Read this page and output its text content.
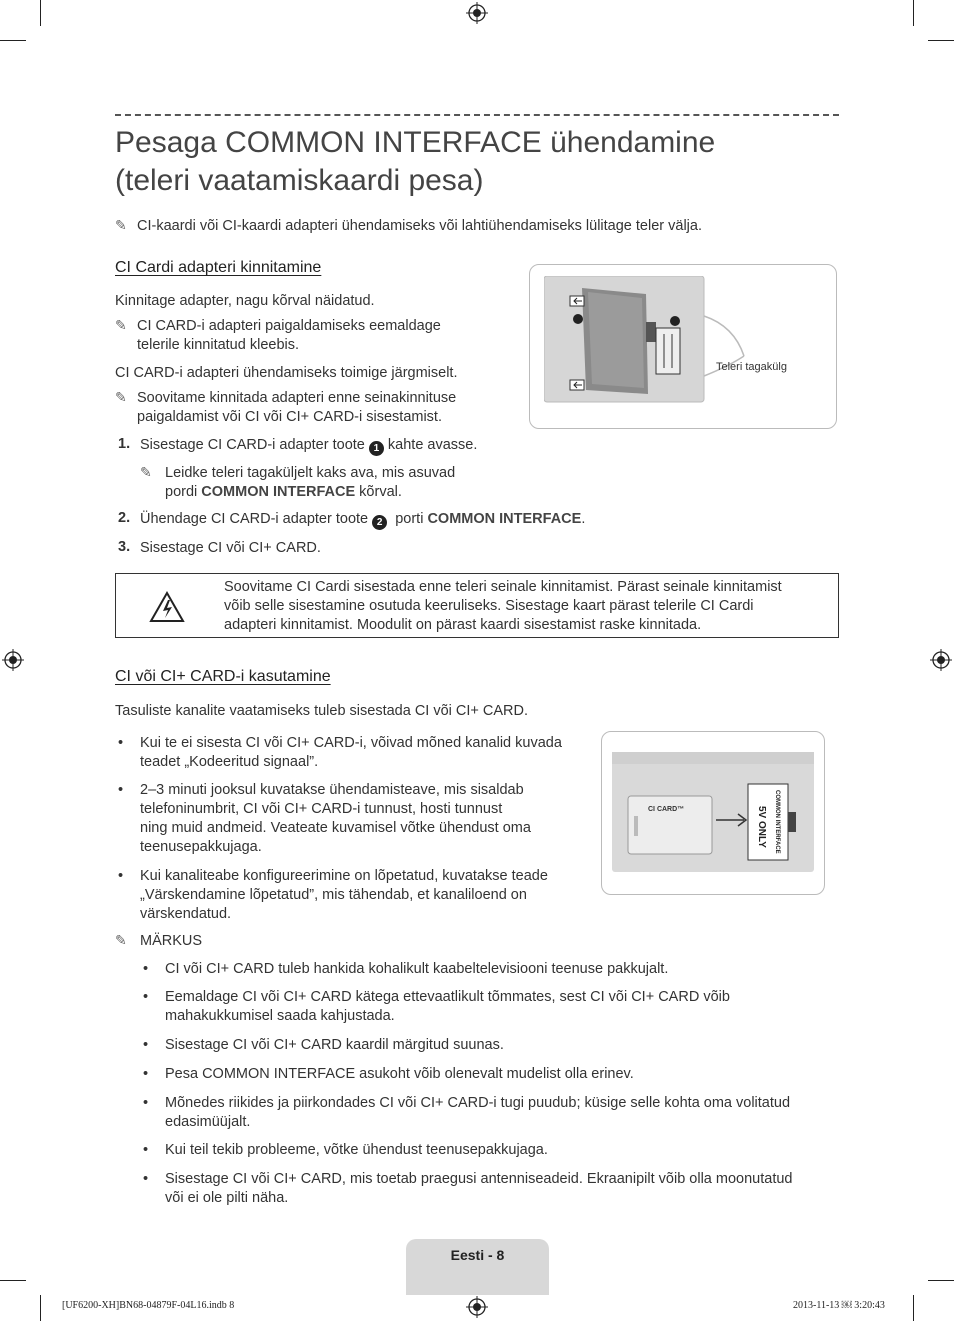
Pesaga COMMON INTERFACE ühendamine
(teleri vaatamiskaardi pesa)
✎ CI-kaardi või CI-kaardi adapteri ühendamiseks või lahtiühendamiseks lülitage teler välja.
CI Cardi adapteri kinnitamine
Kinnitage adapter, nagu kõrval näidatud.
✎ CI CARD-i adapteri paigaldamiseks eemaldage
telerile kinnitatud kleebis.
CI CARD-i adapteri ühendamiseks toimige järgmiselt.
✎ Soovitame kinnitada adapteri enne seinakinnituse
paigaldamist või CI või CI+ CARD-i sisestamist.
1. Sisestage CI CARD-i adapter toote 1 kahte avasse.
✎ Leidke teleri tagaküljelt kaks ava, mis asuvad
pordi COMMON INTERFACE kõrval.
2. Ühendage CI CARD-i adapter toote 2 porti COMMON INTERFACE.
3. Sisestage CI või CI+ CARD.
Teleri tagakülg
Soovitame CI Cardi sisestada enne teleri seinale kinnitamist. Pärast seinale kinnitamist
võib selle sisestamine osutuda keeruliseks. Sisestage kaart pärast telerile CI Cardi
adapteri kinnitamist. Moodulit on pärast kaardi sisestamist raske kinnitada.
CI või CI+ CARD-i kasutamine
Tasuliste kanalite vaatamiseks tuleb sisestada CI või CI+ CARD.
• Kui te ei sisesta CI või CI+ CARD-i, võivad mõned kanalid kuvada
teadet „Kodeeritud signaal”.
• 2–3 minuti jooksul kuvatakse ühendamisteave, mis sisaldab
telefoninumbrit, CI või CI+ CARD-i tunnust, hosti tunnust
ning muid andmeid. Veateate kuvamisel võtke ühendust oma
teenusepakkujaga.
• Kui kanaliteabe konfigureerimine on lõpetatud, kuvatakse teade
„Värskendamine lõpetatud”, mis tähendab, et kanaliloend on
värskendatud.
CI CARD™	COMMON INTERFACE
5V ONLY
✎ MÄRKUS
• CI või CI+ CARD tuleb hankida kohalikult kaabeltelevisiooni teenuse pakkujalt.
• Eemaldage CI või CI+ CARD kätega ettevaatlikult tõmmates, sest CI või CI+ CARD võib
mahakukkumisel saada kahjustada.
• Sisestage CI või CI+ CARD kaardil märgitud suunas.
• Pesa COMMON INTERFACE asukoht võib olenevalt mudelist olla erinev.
• Mõnedes riikides ja piirkondades CI või CI+ CARD-i tugi puudub; küsige selle kohta oma volitatud
edasimüüjalt.
• Kui teil tekib probleeme, võtke ühendust teenusepakkujaga.
• Sisestage CI või CI+ CARD, mis toetab praegusi antenniseadeid. Ekraanipilt võib olla moonutatud
või ei ole pilti näha.
Eesti - 8
[UF6200-XH]BN68-04879F-04L16.indb 8	2013-11-13 ￼ 3:20:43
